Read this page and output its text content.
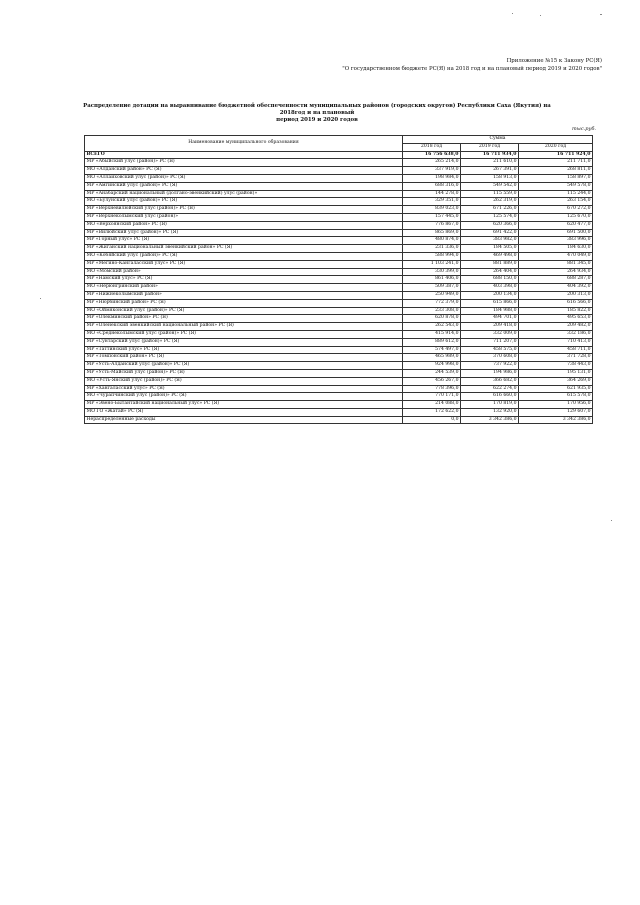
Приложение №15 к Закону РС(Я)
"О государственном бюджете РС(Я) на 2018 год и на плановый период 2019 и 2020 годов"
Распределение дотации на выравнивание бюджетной обеспеченности муниципальных районов (городских округов) Республики Саха (Якутия) на 2018год и на плановый
период 2019 и 2020 годов
тыс.руб.
Наименование муниципального образования	Сумма		
	2018 год	2019 год	2020 год
ВСЕГО	16 756 638,0	16 711 934,0	16 711 924,0
МР «Абыйский улус (район)» РС (Я)	265 214,0	211 610,0	211 711,0
МО «Алданский район» РС (Я)	337 919,0	267 391,0	268 811,0
МО «Аллаиховский улус (район)» РС (Я)	198 984,0	158 913,0	158 897,0
МР «Амгинский улус (район)» РС (Я)	688 316,0	549 542,0	549 578,0
МР «Анабарский национальный (долгано-эвенкийский) улус (район)»	144 278,0	115 559,0	115 244,0
МО «Булунский улус (район)» РС (Я)	329 351,0	262 319,0	263 154,0
МР «Верхневилюйский улус (район)» РС (Я)	839 023,0	671 226,0	670 272,0
МР «Верхнеколымский улус (район)»	157 445,0	125 574,0	125 670,0
МО «Верхоянский район» РС (Я)	776 867,0	620 366,0	620 477,0
МР «Вилюйский улус (район)» РС (Я)	865 869,0	691 422,0	691 500,0
МР «Горный улус» РС (Я)	480 874,0	383 982,0	383 996,0
МР «Жиганский национальный эвенкийский район» РС (Я)	231 336,0	184 505,0	184 630,0
МО «Кобяйский улус (район)» РС (Я)	588 994,0	469 498,0	470 049,0
МР «Мегино-Кангаласский улус» РС (Я)	1 103 241,0	881 889,0	881 345,0
МО «Момский район»	330 399,0	264 404,0	264 934,0
МР «Намский улус» РС (Я)	861 406,0	688 150,0	688 287,0
МО «Нерюнгринский район»	509 387,0	403 398,0	404 392,0
МР «Нижнеколымский район»	250 949,0	200 134,0	200 313,0
МР «Нюрбинский район» РС (Я)	772 379,0	615 866,0	616 566,0
МО «Оймяконский улус (район)» РС (Я)	233 308,0	184 988,0	185 822,0
МР «Олекминский район» РС (Я)	620 878,0	494 701,0	495 653,0
МР «Оленекский эвенкийский национальный район» РС (Я)	262 543,0	209 418,0	209 482,0
МО «Среднеколымский улус (район)» РС (Я)	415 914,0	332 009,0	332 186,0
МР «Сунтарский улус (район)» РС (Я)	889 612,0	711 207,0	710 413,0
МР «Таттинский улус» РС (Я)	574 497,0	458 575,0	458 711,0
МР «Томпонский район» РС (Я)	465 989,0	370 608,0	371 728,0
МР «Усть-Алданский улус (район)» РС (Я)	924 998,0	737 922,0	738 443,0
МР «Усть-Майский улус (район)» РС (Я)	244 539,0	194 986,0	195 131,0
МО «Усть-Янский улус (район)» РС (Я)	456 267,0	366 682,0	364 269,0
МР «Хангаласский улус» РС (Я)	778 396,0	622 274,0	621 935,0
МО «Чурапчинский улус (район)» РС (Я)	770 171,0	616 660,0	615 578,0
МР «Эвено-Бытантайский национальный улус» РС (Я)	214 088,0	170 819,0	170 956,0
МО ГО «Жатай» РС (Я)	172 622,0	132 920,0	129 607,0
Нераспределенные расходы	0,0	3 342 386,0	3 342 386,0
